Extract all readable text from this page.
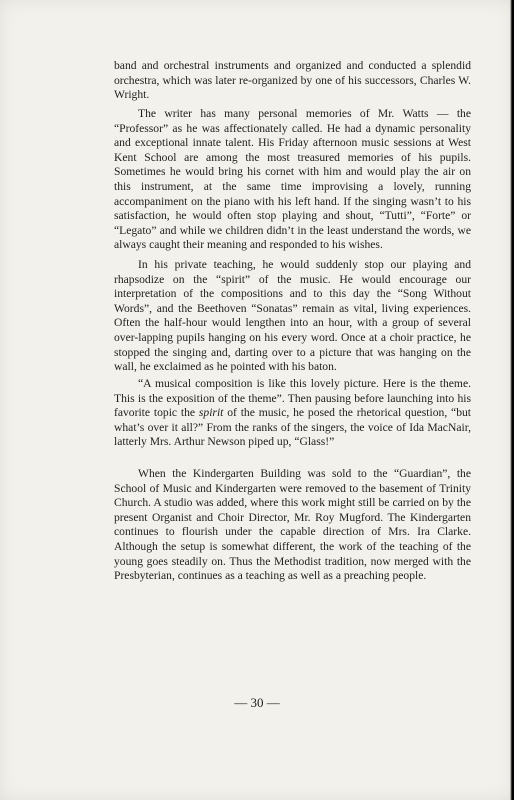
band and orchestral instruments and organized and conducted a splendid orchestra, which was later re-organized by one of his successors, Charles W. Wright.

The writer has many personal memories of Mr. Watts — the “Professor” as he was affectionately called. He had a dynamic personality and exceptional innate talent. His Friday afternoon music sessions at West Kent School are among the most treasured memories of his pupils. Sometimes he would bring his cornet with him and would play the air on this instrument, at the same time improvising a lovely, running accompaniment on the piano with his left hand. If the singing wasn’t to his satisfaction, he would often stop playing and shout, “Tutti”, “Forte” or “Legato” and while we children didn’t in the least understand the words, we always caught their meaning and responded to his wishes.

In his private teaching, he would suddenly stop our playing and rhapsodize on the “spirit” of the music. He would encourage our interpretation of the compositions and to this day the “Song Without Words”, and the Beethoven “Sonatas” remain as vital, living experiences. Often the half-hour would lengthen into an hour, with a group of several over-lapping pupils hanging on his every word. Once at a choir practice, he stopped the singing and, darting over to a picture that was hanging on the wall, he exclaimed as he pointed with his baton.

“A musical composition is like this lovely picture. Here is the theme. This is the exposition of the theme”. Then pausing before launching into his favorite topic the spirit of the music, he posed the rhetorical question, “but what’s over it all?” From the ranks of the singers, the voice of Ida MacNair, latterly Mrs. Arthur Newson piped up, “Glass!”

When the Kindergarten Building was sold to the “Guardian”, the School of Music and Kindergarten were removed to the basement of Trinity Church. A studio was added, where this work might still be carried on by the present Organist and Choir Director, Mr. Roy Mugford. The Kindergarten continues to flourish under the capable direction of Mrs. Ira Clarke. Although the setup is somewhat different, the work of the teaching of the young goes steadily on. Thus the Methodist tradition, now merged with the Presbyterian, continues as a teaching as well as a preaching people.

— 30 —
